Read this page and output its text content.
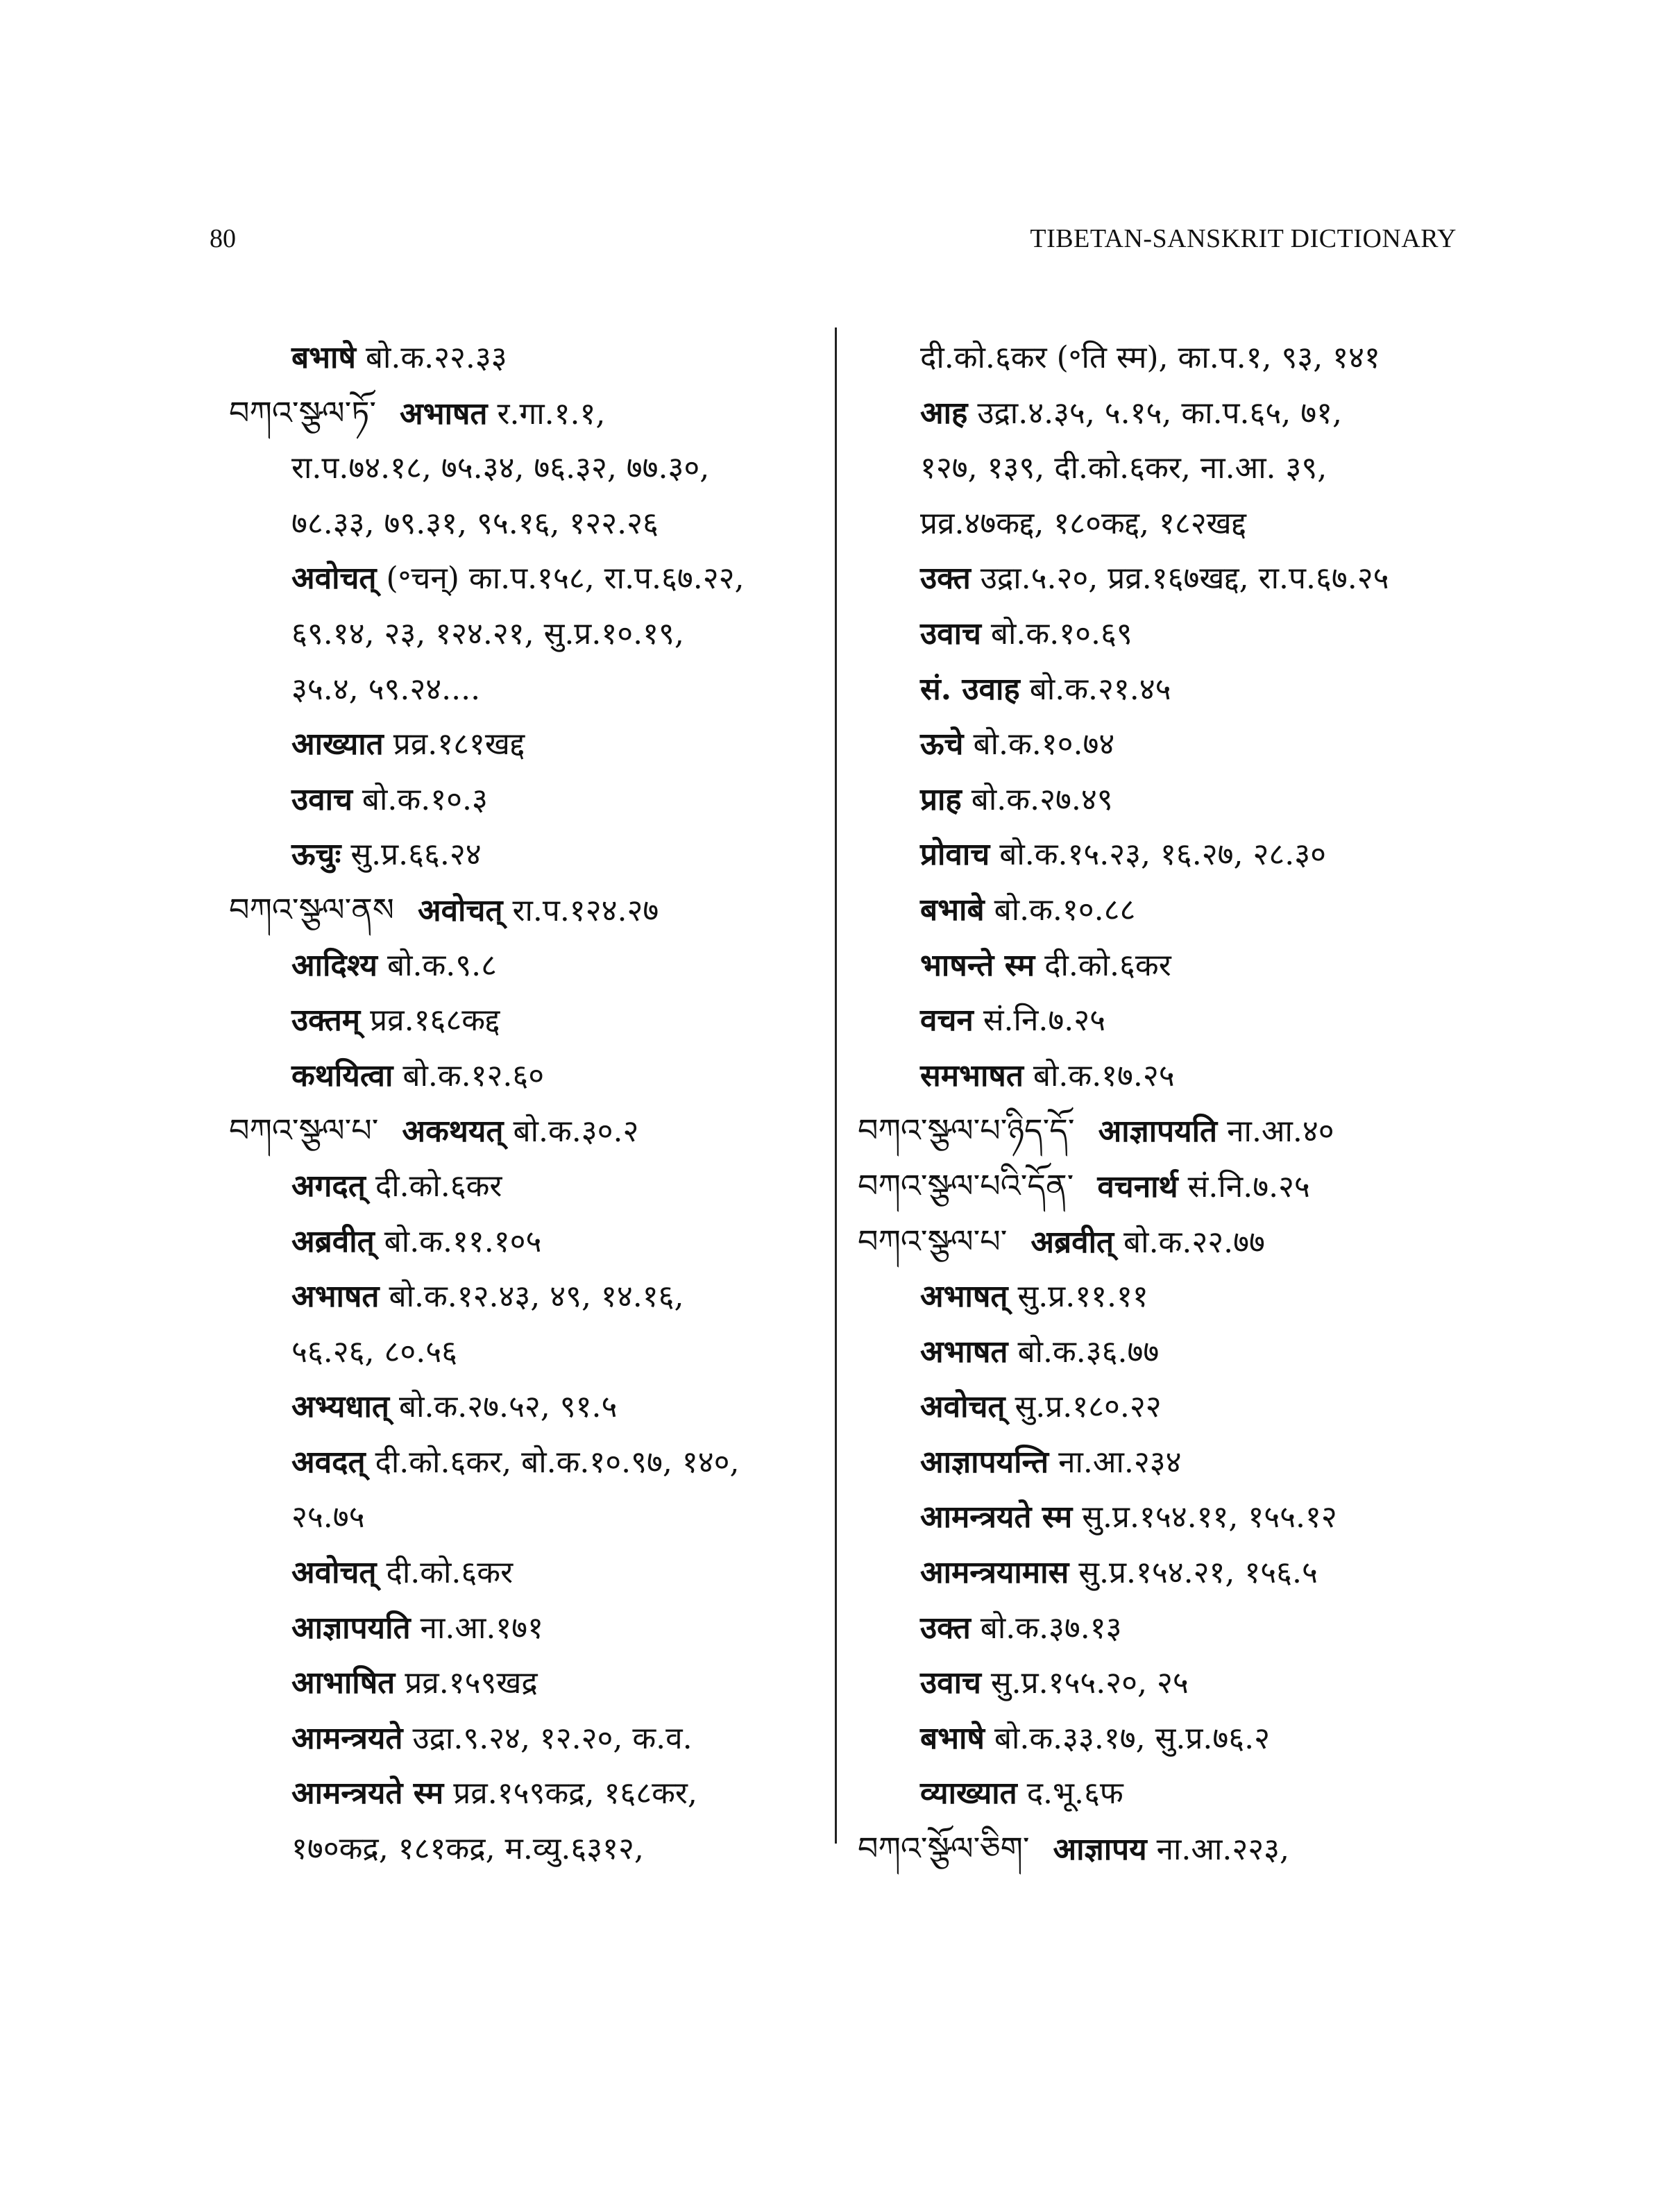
80	TIBETAN-SANSKRIT DICTIONARY
बभाषे बो.क.२२.३३
བཀའ་སྩལ་ཏོ་ अभाषत र.गा.१.१,
रा.प.७४.१८, ७५.३४, ७६.३२, ७७.३०,
७८.३३, ७९.३१, ९५.१६, १२२.२६
अवोचत् (॰चन्) का.प.१५८, रा.प.६७.२२,
६९.१४, २३, १२४.२१, सु.प्र.१०.१९,
३५.४, ५९.२४....
आख्यात प्रव्र.१८१खद्द
उवाच बो.क.१०.३
ऊचुः सु.प्र.६६.२४
བཀའ་སྩལ་ནས अवोचत् रा.प.१२४.२७
आदिश्य बो.क.९.८
उक्तम् प्रव्र.१६८कद्द
कथयित्वा बो.क.१२.६०
བཀའ་སྩལ་པ་ अकथयत् बो.क.३०.२
अगदत् दी.को.६कर
अब्रवीत् बो.क.११.१०५
अभाषत बो.क.१२.४३, ४९, १४.१६,
५६.२६, ८०.५६
अभ्यधात् बो.क.२७.५२, ९१.५
अवदत् दी.को.६कर, बो.क.१०.९७, १४०,
२५.७५
अवोचत् दी.को.६कर
आज्ञापयति ना.आ.१७१
आभाषित प्रव्र.१५९खद्र
आमन्त्रयते उद्रा.९.२४, १२.२०, क.व.
आमन्त्रयते स्म प्रव्र.१५९कद्र, १६८कर,
१७०कद्र, १८१कद्र, म.व्यु.६३१२,
दी.को.६कर (॰ति स्म), का.प.१, ९३, १४१
आह उद्रा.४.३५, ५.१५, का.प.६५, ७१,
१२७, १३९, दी.को.६कर, ना.आ. ३९,
प्रव्र.४७कद्द, १८०कद्द, १८२खद्द
उक्त उद्रा.५.२०, प्रव्र.१६७खद्द, रा.प.६७.२५
उवाच बो.क.१०.६९
सं. उवाह बो.क.२१.४५
ऊचे बो.क.१०.७४
प्राह बो.क.२७.४९
प्रोवाच बो.क.१५.२३, १६.२७, २८.३०
बभाबे बो.क.१०.८८
भाषन्ते स्म दी.को.६कर
वचन सं.नि.७.२५
समभाषत बो.क.१७.२५
བཀའ་སྩལ་པ་ཉིད་དོ་ आज्ञापयति ना.आ.४०
བཀའ་སྩལ་པའི་དོན་ वचनार्थ सं.नि.७.२५
བཀའ་སྩལ་པ་ अब्रवीत् बो.क.२२.७७
अभाषत् सु.प्र.११.११
अभाषत बो.क.३६.७७
अवोचत् सु.प्र.१८०.२२
आज्ञापयन्ति ना.आ.२३४
आमन्त्रयते स्म सु.प्र.१५४.११, १५५.१२
आमन्त्रयामास सु.प्र.१५४.२१, १५६.५
उक्त बो.क.३७.१३
उवाच सु.प्र.१५५.२०, २५
बभाषे बो.क.३३.१७, सु.प्र.७६.२
व्याख्यात द.भू.६फ
བཀའ་སྩོལ་ཅིག་ आज्ञापय ना.आ.२२३,
